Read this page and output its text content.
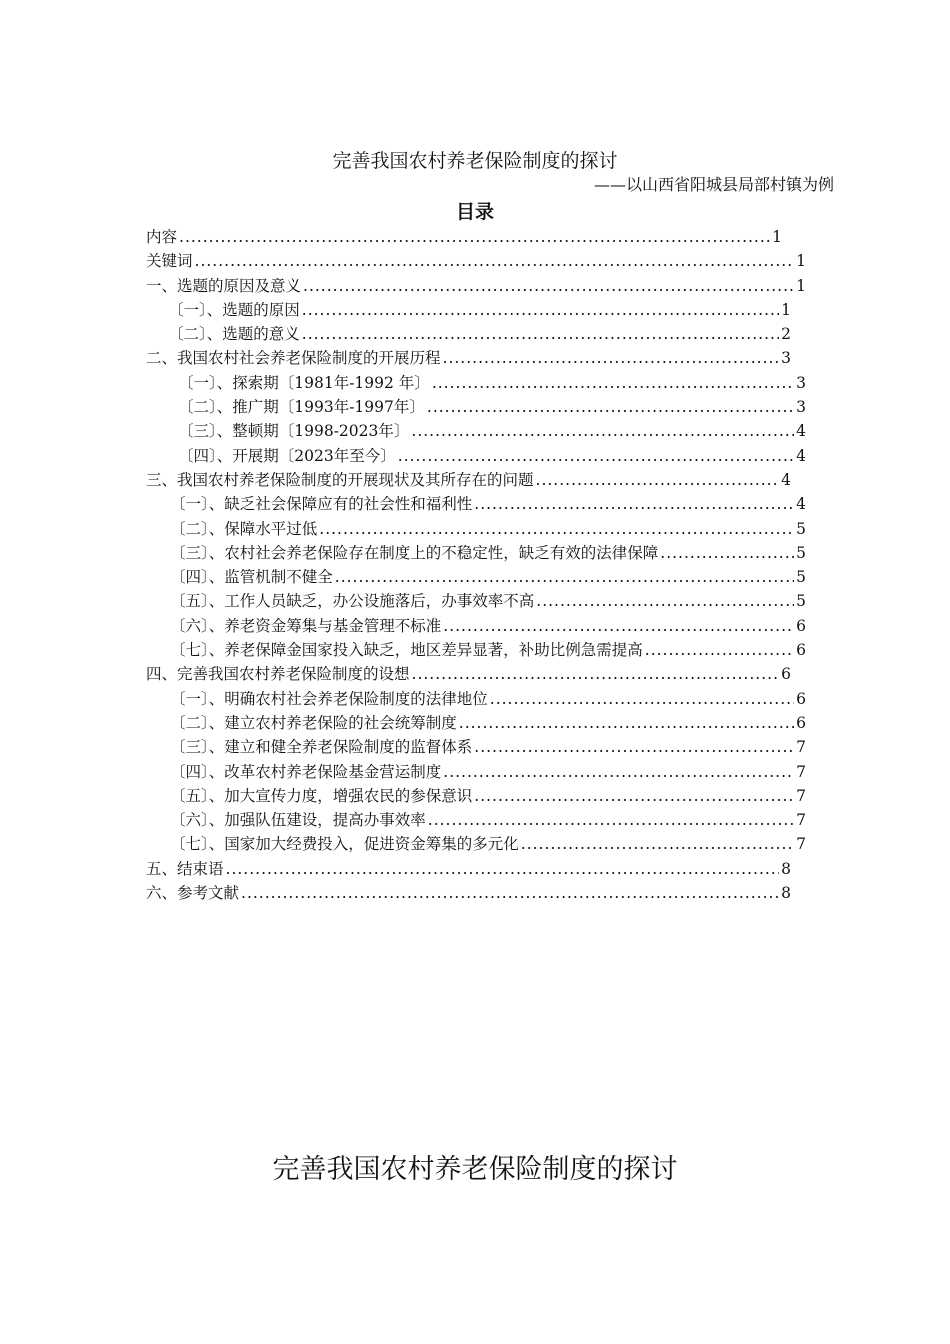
完善我国农村养老保险制度的探讨
——以山西省阳城县局部村镇为例
目录
内容 .....	1
关键词 .....	1
一、选题的原因及意义 .....	1
〔一〕、选题的原因 .....	1
〔二〕、选题的意义 .....	2
二、我国农村社会养老保险制度的开展历程 .....	3
〔一〕、探索期〔1981年-1992 年〕 .....	3
〔二〕、推广期〔1993年-1997年〕 .....	3
〔三〕、整顿期〔1998-2023年〕 .....	4
〔四〕、开展期〔2023年至今〕 .....	4
三、我国农村养老保险制度的开展现状及其所存在的问题 .....	4
〔一〕、缺乏社会保障应有的社会性和福利性 .....	4
〔二〕、保障水平过低 .....	5
〔三〕、农村社会养老保险存在制度上的不稳定性，缺乏有效的法律保障 .....	5
〔四〕、监管机制不健全 .....	5
〔五〕、工作人员缺乏，办公设施落后，办事效率不高 .....	5
〔六〕、养老资金筹集与基金管理不标准 .....	6
〔七〕、养老保障金国家投入缺乏，地区差异显著，补助比例急需提高 .....	6
四、完善我国农村养老保险制度的设想 .....	6
〔一〕、明确农村社会养老保险制度的法律地位 .....	6
〔二〕、建立农村养老保险的社会统筹制度 .....	6
〔三〕、建立和健全养老保险制度的监督体系 .....	7
〔四〕、改革农村养老保险基金营运制度 .....	7
〔五〕、加大宣传力度，增强农民的参保意识 .....	7
〔六〕、加强队伍建设，提高办事效率 .....	7
〔七〕、国家加大经费投入，促进资金筹集的多元化 .....	7
五、结束语 .....	8
六、参考文献 .....	8
完善我国农村养老保险制度的探讨
